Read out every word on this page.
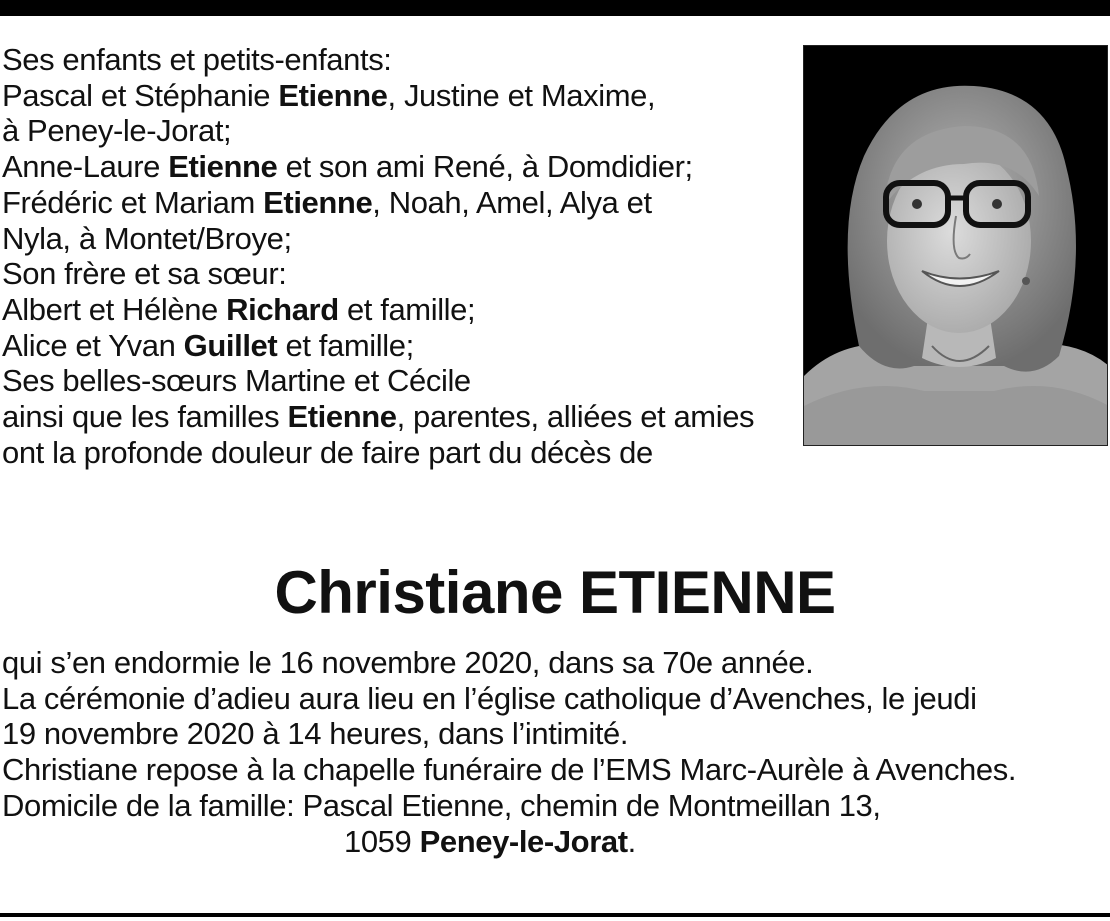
Ses enfants et petits-enfants:
Pascal et Stéphanie Etienne, Justine et Maxime,
à Peney-le-Jorat;
Anne-Laure Etienne et son ami René, à Domdidier;
Frédéric et Mariam Etienne, Noah, Amel, Alya et
Nyla, à Montet/Broye;
Son frère et sa sœur:
Albert et Hélène Richard et famille;
Alice et Yvan Guillet et famille;
Ses belles-sœurs Martine et Cécile
ainsi que les familles Etienne, parentes, alliées et amies
ont la profonde douleur de faire part du décès de
Christiane ETIENNE
qui s’en endormie le 16 novembre 2020, dans sa 70e année.
La cérémonie d’adieu aura lieu en l’église catholique d’Avenches, le jeudi
19 novembre 2020 à 14 heures, dans l’intimité.
Christiane repose à la chapelle funéraire de l’EMS Marc-Aurèle à Avenches.
Domicile de la famille: Pascal Etienne, chemin de Montmeillan 13,
1059 Peney-le-Jorat.
